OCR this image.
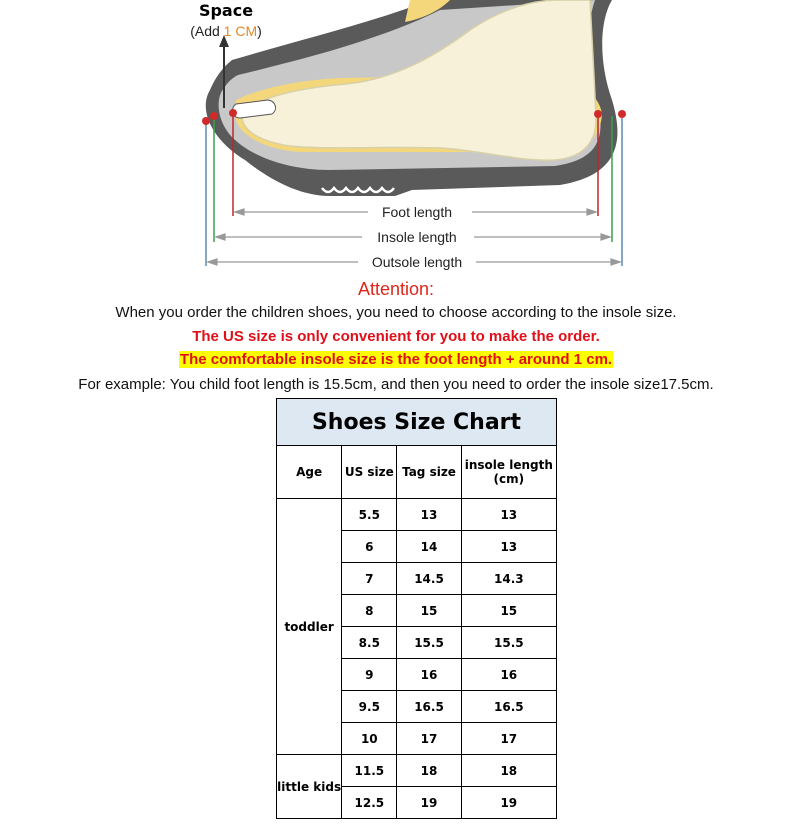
Space
(Add 1 CM)
Foot length
Insole length
Outsole length
Attention:
When you order the children shoes, you need to choose according to the insole size.
The US size is only convenient for you to make the order.
The comfortable insole size is the foot length + around 1 cm.
For example: You child foot length is 15.5cm, and then you need to order the insole size17.5cm.
Shoes Size Chart			
Age	US size	Tag size	insole length
(cm)
toddler	5.5	13	13
	6	14	13
	7	14.5	14.3
	8	15	15
	8.5	15.5	15.5
	9	16	16
	9.5	16.5	16.5
	10	17	17
little kids	11.5	18	18
	12.5	19	19
